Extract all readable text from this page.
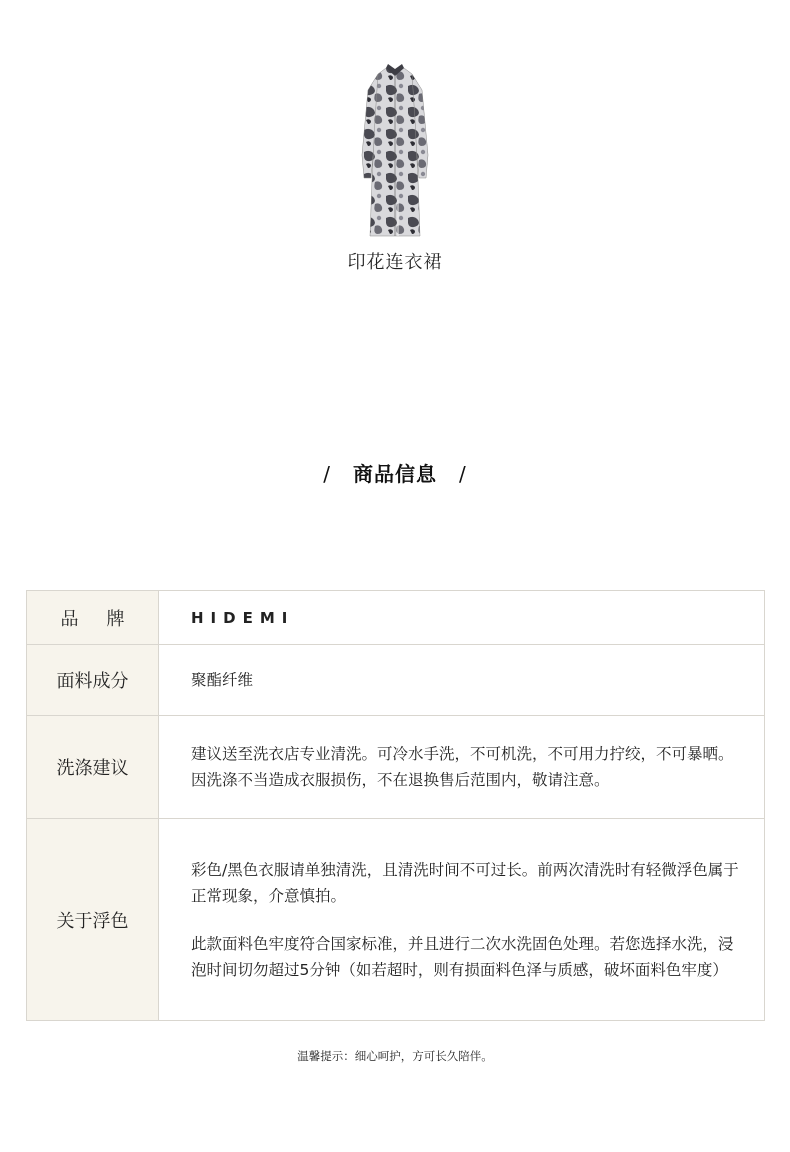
印花连衣裙
/ 商品信息 /
品牌	HIDEMI
面料成分	聚酯纤维
洗涤建议	建议送至洗衣店专业清洗。可冷水手洗，不可机洗，不可用力拧绞，不可暴晒。因洗涤不当造成衣服损伤，不在退换售后范围内，敬请注意。
关于浮色	彩色/黑色衣服请单独清洗，且清洗时间不可过长。前两次清洗时有轻微浮色属于正常现象，介意慎拍。

此款面料色牢度符合国家标准，并且进行二次水洗固色处理。若您选择水洗，浸泡时间切勿超过5分钟（如若超时，则有损面料色泽与质感，破坏面料色牢度）

温馨提示：细心呵护，方可长久陪伴。
